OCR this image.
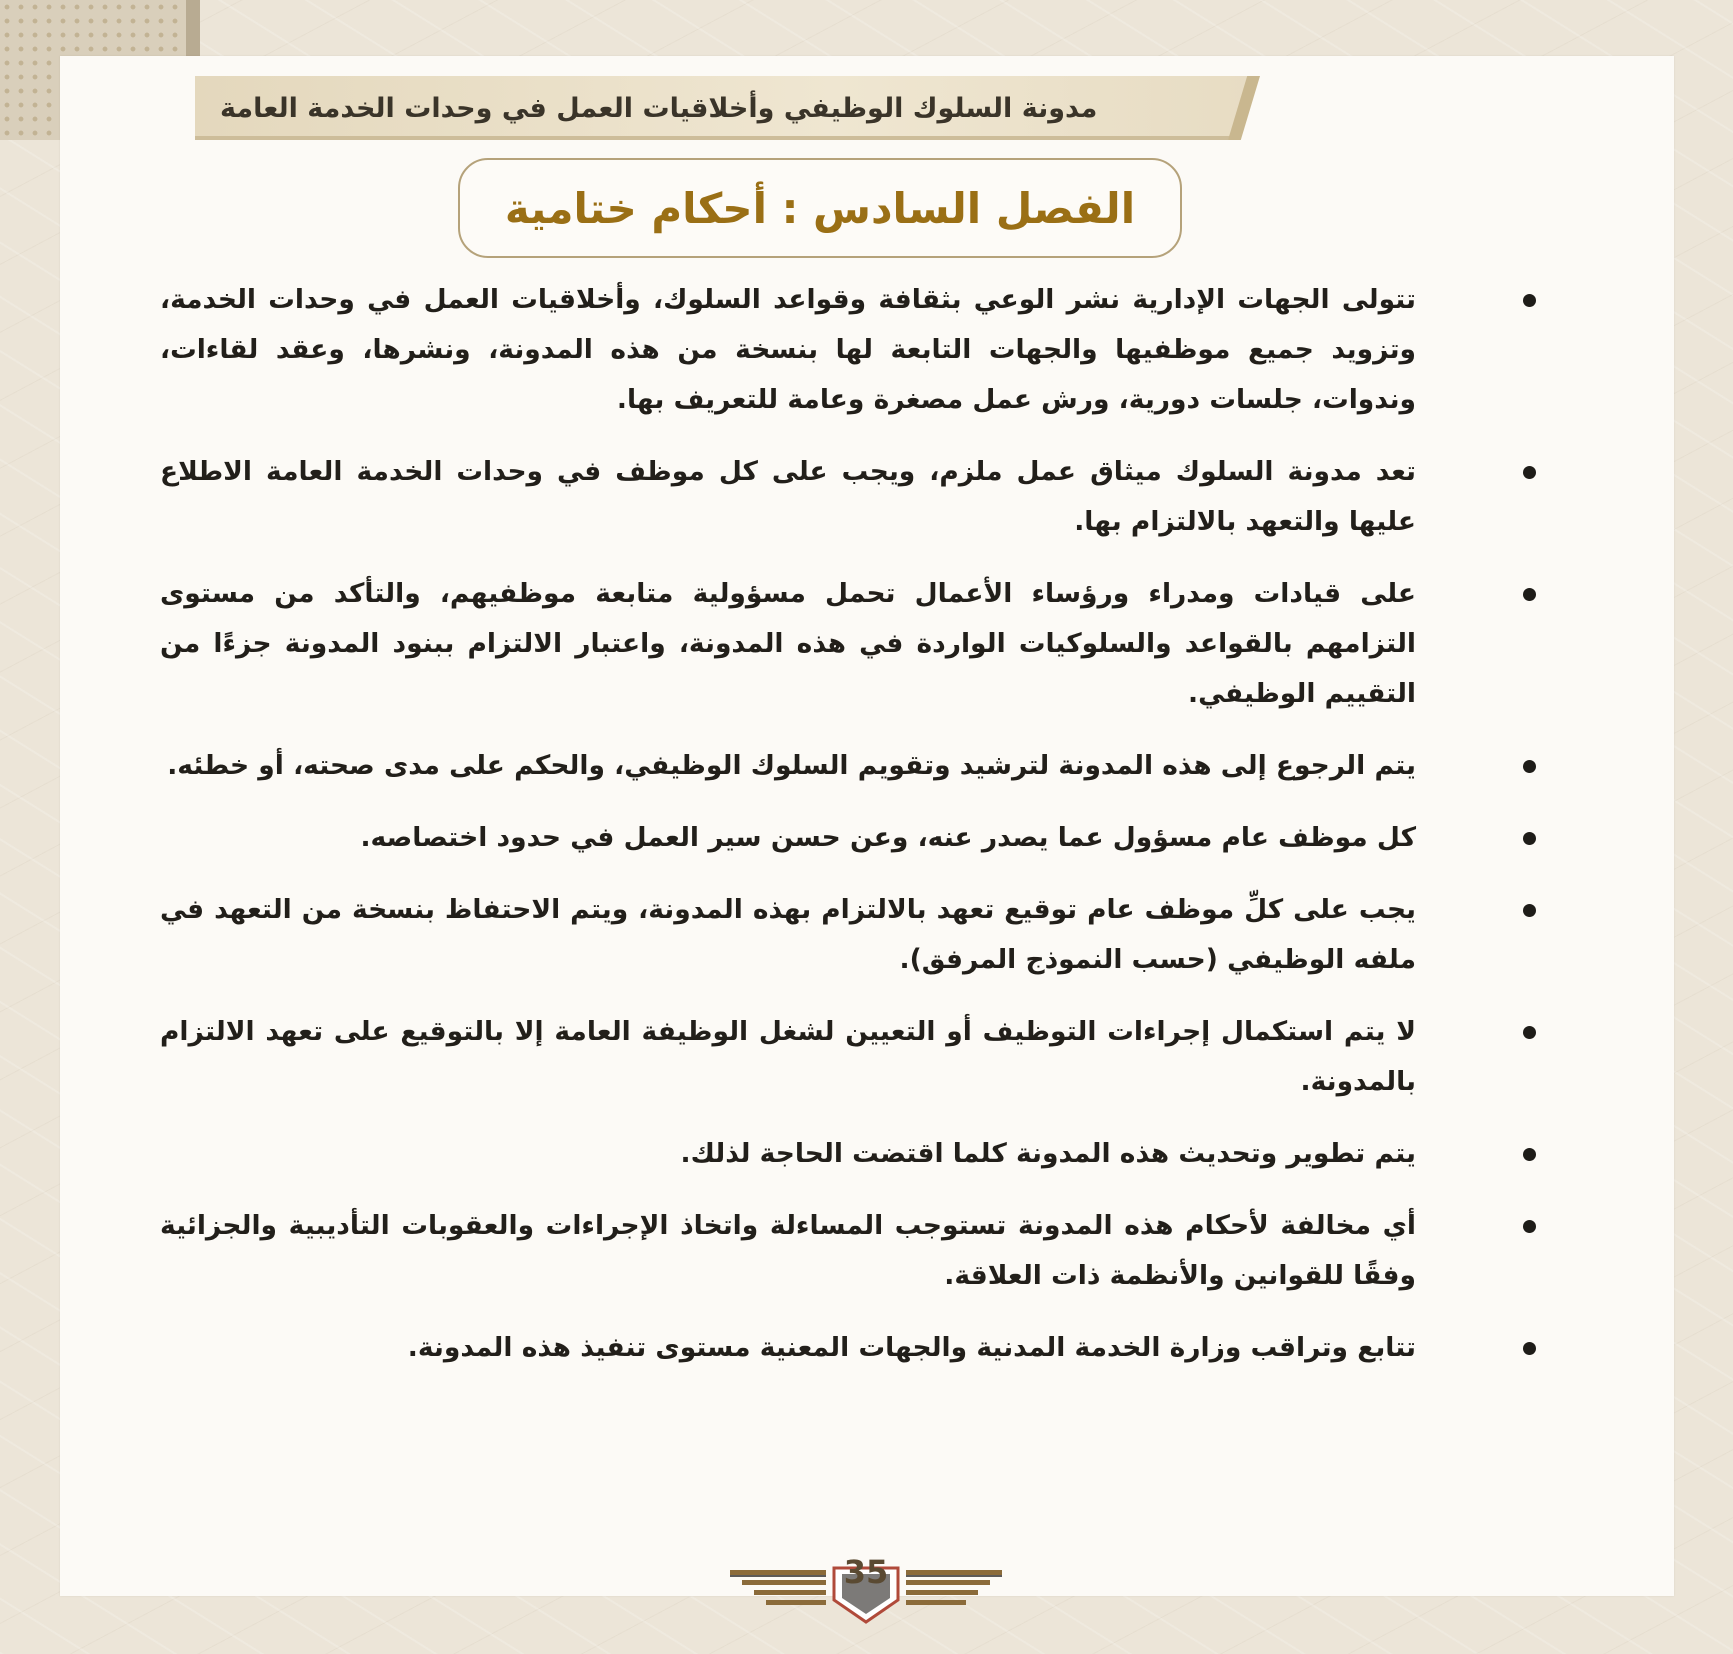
مدونة السلوك الوظيفي وأخلاقيات العمل في وحدات الخدمة العامة
الفصل السادس : أحكام ختامية

تتولى الجهات الإدارية نشر الوعي بثقافة وقواعد السلوك، وأخلاقيات العمل في وحدات الخدمة، وتزويد جميع موظفيها والجهات التابعة لها بنسخة من هذه المدونة، ونشرها، وعقد لقاءات، وندوات، جلسات دورية، ورش عمل مصغرة وعامة للتعريف بها.

تعد مدونة السلوك ميثاق عمل ملزم، ويجب على كل موظف في وحدات الخدمة العامة الاطلاع عليها والتعهد بالالتزام بها.

على قيادات ومدراء ورؤساء الأعمال تحمل مسؤولية متابعة موظفيهم، والتأكد من مستوى التزامهم بالقواعد والسلوكيات الواردة في هذه المدونة، واعتبار الالتزام ببنود المدونة جزءًا من التقييم الوظيفي.

يتم الرجوع إلى هذه المدونة لترشيد وتقويم السلوك الوظيفي، والحكم على مدى صحته، أو خطئه.

كل موظف عام مسؤول عما يصدر عنه، وعن حسن سير العمل في حدود اختصاصه.

يجب على كلِّ موظف عام توقيع تعهد بالالتزام بهذه المدونة، ويتم الاحتفاظ بنسخة من التعهد في ملفه الوظيفي (حسب النموذج المرفق).

لا يتم استكمال إجراءات التوظيف أو التعيين لشغل الوظيفة العامة إلا بالتوقيع على تعهد الالتزام بالمدونة.

يتم تطوير وتحديث هذه المدونة كلما اقتضت الحاجة لذلك.

أي مخالفة لأحكام هذه المدونة تستوجب المساءلة واتخاذ الإجراءات والعقوبات التأديبية والجزائية وفقًا للقوانين والأنظمة ذات العلاقة.

تتابع وتراقب وزارة الخدمة المدنية والجهات المعنية مستوى تنفيذ هذه المدونة.

35
